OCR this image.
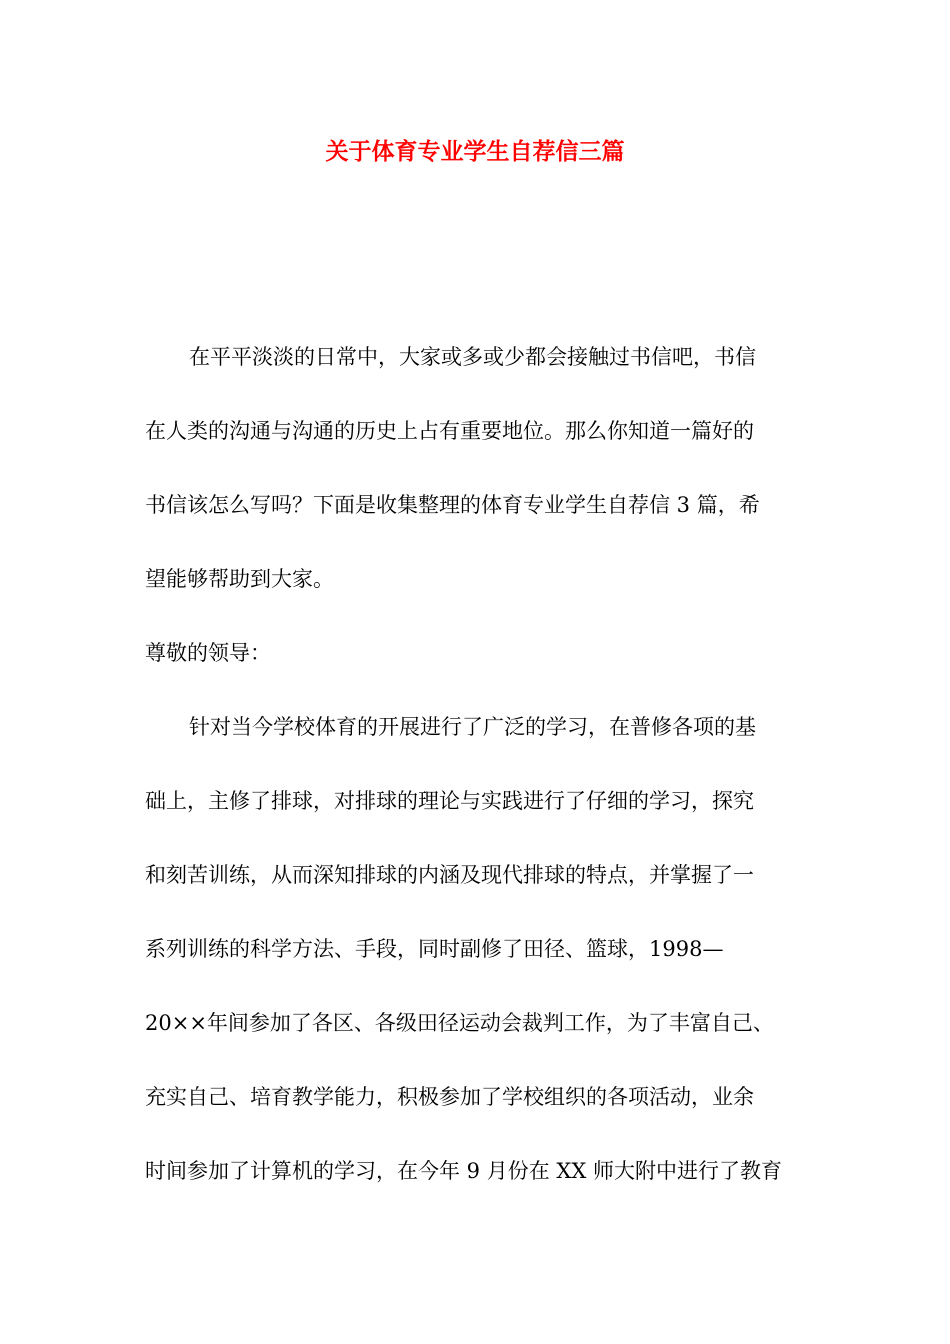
关于体育专业学生自荐信三篇

在平平淡淡的日常中，大家或多或少都会接触过书信吧，书信
在人类的沟通与沟通的历史上占有重要地位。那么你知道一篇好的
书信该怎么写吗？下面是收集整理的体育专业学生自荐信 3 篇，希
望能够帮助到大家。

尊敬的领导：

针对当今学校体育的开展进行了广泛的学习，在普修各项的基
础上，主修了排球，对排球的理论与实践进行了仔细的学习，探究
和刻苦训练，从而深知排球的内涵及现代排球的特点，并掌握了一
系列训练的科学方法、手段，同时副修了田径、篮球，1998—
20××年间参加了各区、各级田径运动会裁判工作，为了丰富自己、
充实自己、培育教学能力，积极参加了学校组织的各项活动，业余
时间参加了计算机的学习，在今年 9 月份在 XX 师大附中进行了教育
